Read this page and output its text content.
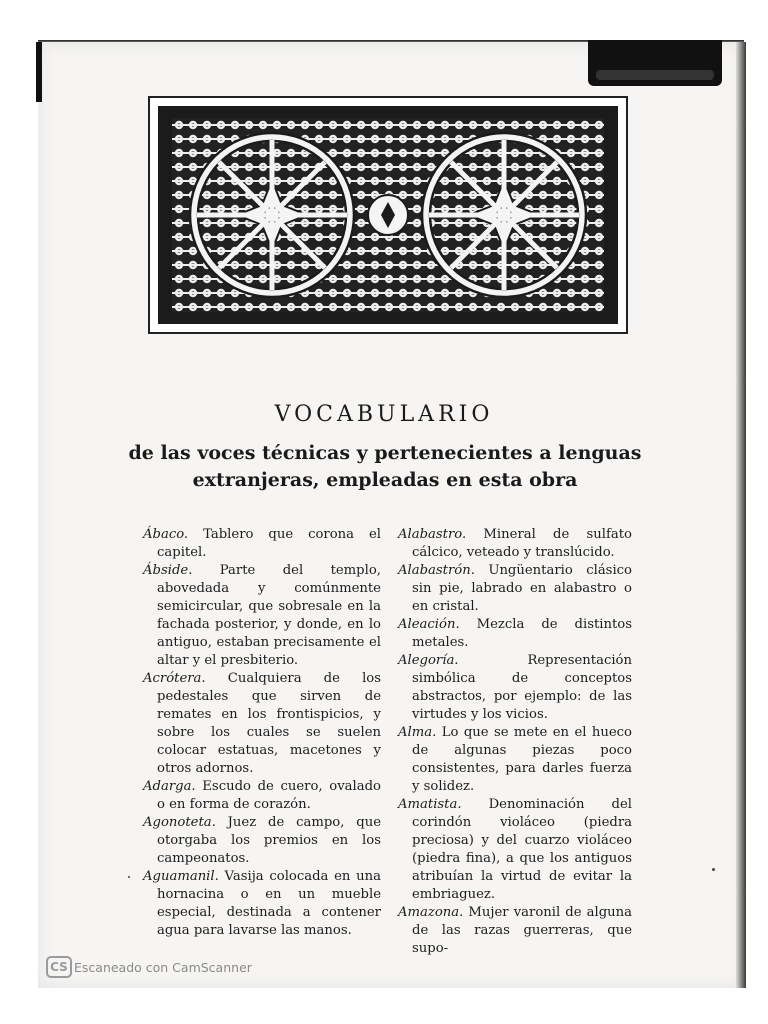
VOCABULARIO
de las voces técnicas y pertenecientes a lenguas extranjeras, empleadas en esta obra
Ábaco. Tablero que corona el capitel.
Ábside. Parte del templo, abovedada y comúnmente semicircular, que sobresale en la fachada posterior, y donde, en lo antiguo, estaban precisamente el altar y el presbiterio.
Acrótera. Cualquiera de los pedestales que sirven de remates en los frontispicios, y sobre los cuales se suelen colocar estatuas, macetones y otros adornos.
Adarga. Escudo de cuero, ovalado o en forma de corazón.
Agonoteta. Juez de campo, que otorgaba los premios en los campeonatos.
Aguamanil. Vasija colocada en una hornacina o en un mueble especial, destinada a contener agua para lavarse las manos.
Alabastro. Mineral de sulfato cálcico, veteado y translúcido.
Alabastrón. Ungüentario clásico sin pie, labrado en alabastro o en cristal.
Aleación. Mezcla de distintos metales.
Alegoría.	Representación simbólica de conceptos abstractos, por ejemplo: de las virtudes y los vicios.
Alma. Lo que se mete en el hueco de algunas piezas poco consistentes, para darles fuerza y solidez.
Amatista. Denominación del corindón violáceo (piedra preciosa) y del cuarzo violáceo (piedra fina), a que los antiguos atribuían la virtud de evitar la embriaguez.
Amazona. Mujer varonil de alguna de las razas guerreras, que supo-
CS Escaneado con CamScanner
